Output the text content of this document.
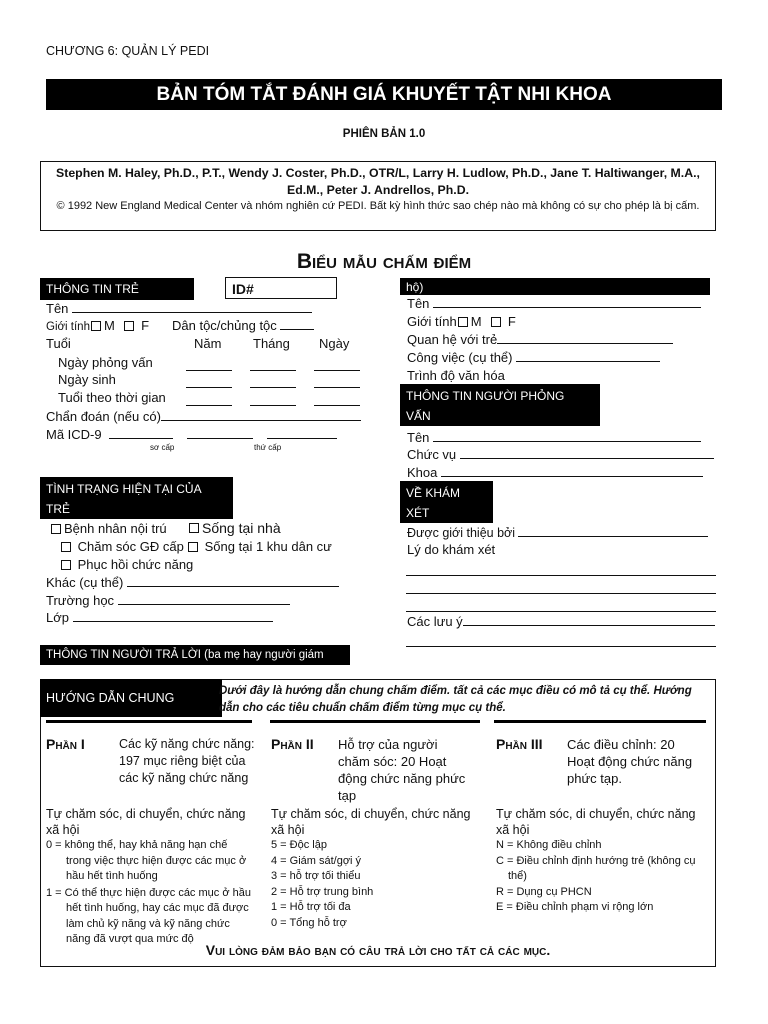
CHƯƠNG 6: QUẢN LÝ PEDI
BẢN TÓM TẮT ĐÁNH GIÁ KHUYẾT TẬT NHI KHOA
PHIÊN BẢN 1.0
Stephen M. Haley, Ph.D., P.T., Wendy J. Coster, Ph.D., OTR/L, Larry H. Ludlow, Ph.D., Jane T. Haltiwanger, M.A., Ed.M., Peter J. Andrellos, Ph.D.
© 1992 New England Medical Center và nhóm nghiên cứ PEDI. Bất kỳ hình thức sao chép nào mà không có sự cho phép là bị cấm.
Biểu mẫu chấm điểm
THÔNG TIN TRẺ	ID#
Tên
Giới tính M F Dân tộc/chủng tộc
Tuổi	Năm Tháng Ngày
Ngày phỏng vấn
Ngày sinh
Tuổi theo thời gian
Chẩn đoán (nếu có)
Mã ICD-9
sơ cấp	thứ cấp
TÌNH TRẠNG HIỆN TẠI CỦA
TRẺ
Bệnh nhân nội trú	Sống tại nhà
Chăm sóc GĐ cấp	Sống tại 1 khu dân cư
Phục hồi chức năng
Khác (cụ thể)
Trường học
Lớp
THÔNG TIN NGƯỜI TRẢ LỜI (ba mẹ hay người giám
hộ)
Tên
Giới tính M F
Quan hệ với trẻ
Công việc (cụ thể)
Trình độ văn hóa
THÔNG TIN NGƯỜI PHỎNG
VẤN
Tên
Chức vụ
Khoa
VỀ KHÁM
XÉT
Được giới thiệu bởi
Lý do khám xét
Các lưu ý
HƯỚNG DẪN CHUNG	Dưới đây là hướng dẫn chung chấm điểm. tất cả các mục điều có mô tả cụ thể. Hướng dẫn cho các tiêu chuẩn chấm điểm từng mục cụ thể.
Phần I	Các kỹ năng chức năng: 197 mục riêng biệt của các kỹ năng chức năng
Tự chăm sóc, di chuyển, chức năng xã hội
0 = không thể, hay khả năng hạn chế trong việc thực hiện được các mục ở hầu hết tình huống
1 = Có thể thực hiện được các mục ở hầu hết tình huống, hay các mục đã được làm chủ kỹ năng và kỹ năng chức năng đã vượt qua mức độ
Phần II Hỗ trợ của người chăm sóc: 20 Hoạt động chức năng phức tạp
Tự chăm sóc, di chuyển, chức năng xã hội
5 = Độc lập
4 = Giám sát/gợi ý
3 = hỗ trợ tối thiểu
2 = Hỗ trợ trung bình
1 = Hỗ trợ tối đa
0 = Tổng hỗ trợ
Phần III Các điều chỉnh: 20 Hoạt động chức năng phức tạp.
Tự chăm sóc, di chuyển, chức năng xã hội
N = Không điều chỉnh
C = Điều chỉnh định hướng trẻ (không cụ thể)
R = Dụng cụ PHCN
E = Điều chỉnh phạm vi rộng lớn
Vui lòng đảm bảo bạn có câu trả lời cho tất cả các mục.
